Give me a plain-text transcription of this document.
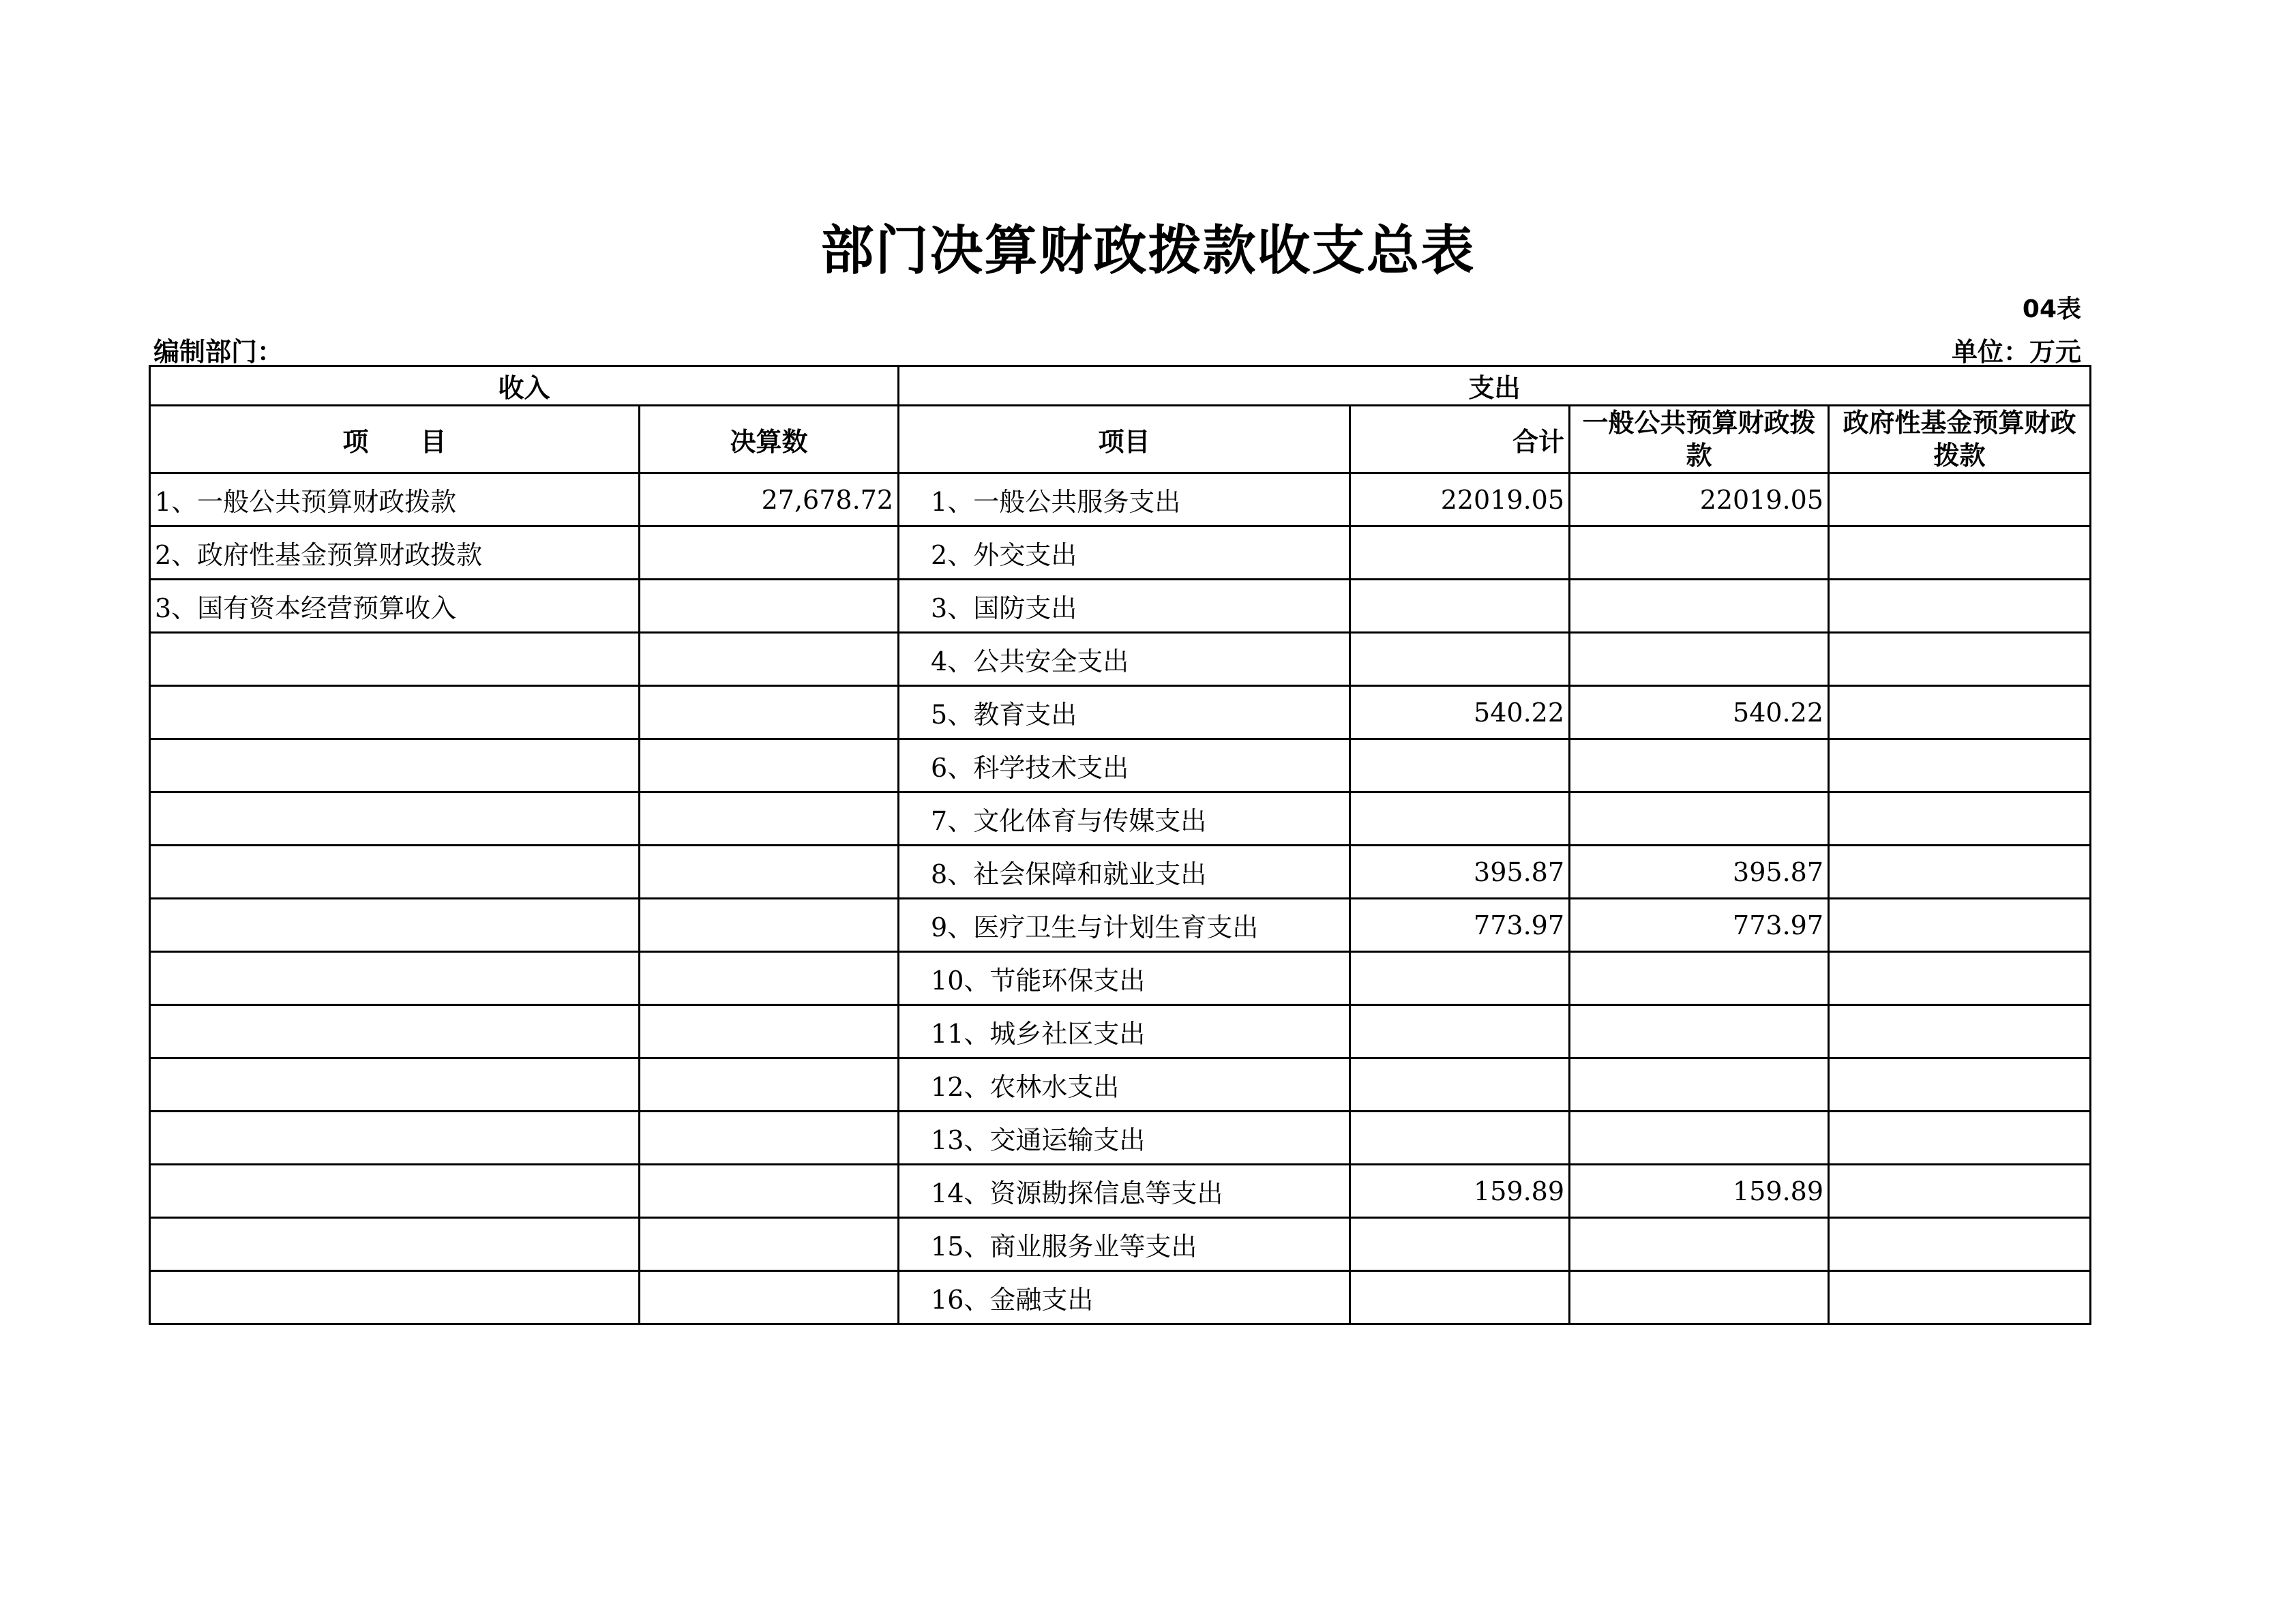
部门决算财政拨款收支总表
04表
编制部门：	单位：万元
收入		支出			
项　　目	决算数	项目	合计	一般公共预算财政拨款	政府性基金预算财政拨款
1、一般公共预算财政拨款	27,678.72	1、一般公共服务支出	22019.05	22019.05	
2、政府性基金预算财政拨款		2、外交支出			
3、国有资本经营预算收入		3、国防支出			
		4、公共安全支出			
		5、教育支出	540.22	540.22	
		6、科学技术支出			
		7、文化体育与传媒支出			
		8、社会保障和就业支出	395.87	395.87	
		9、医疗卫生与计划生育支出	773.97	773.97	
		10、节能环保支出			
		11、城乡社区支出			
		12、农林水支出			
		13、交通运输支出			
		14、资源勘探信息等支出	159.89	159.89	
		15、商业服务业等支出			
		16、金融支出			
